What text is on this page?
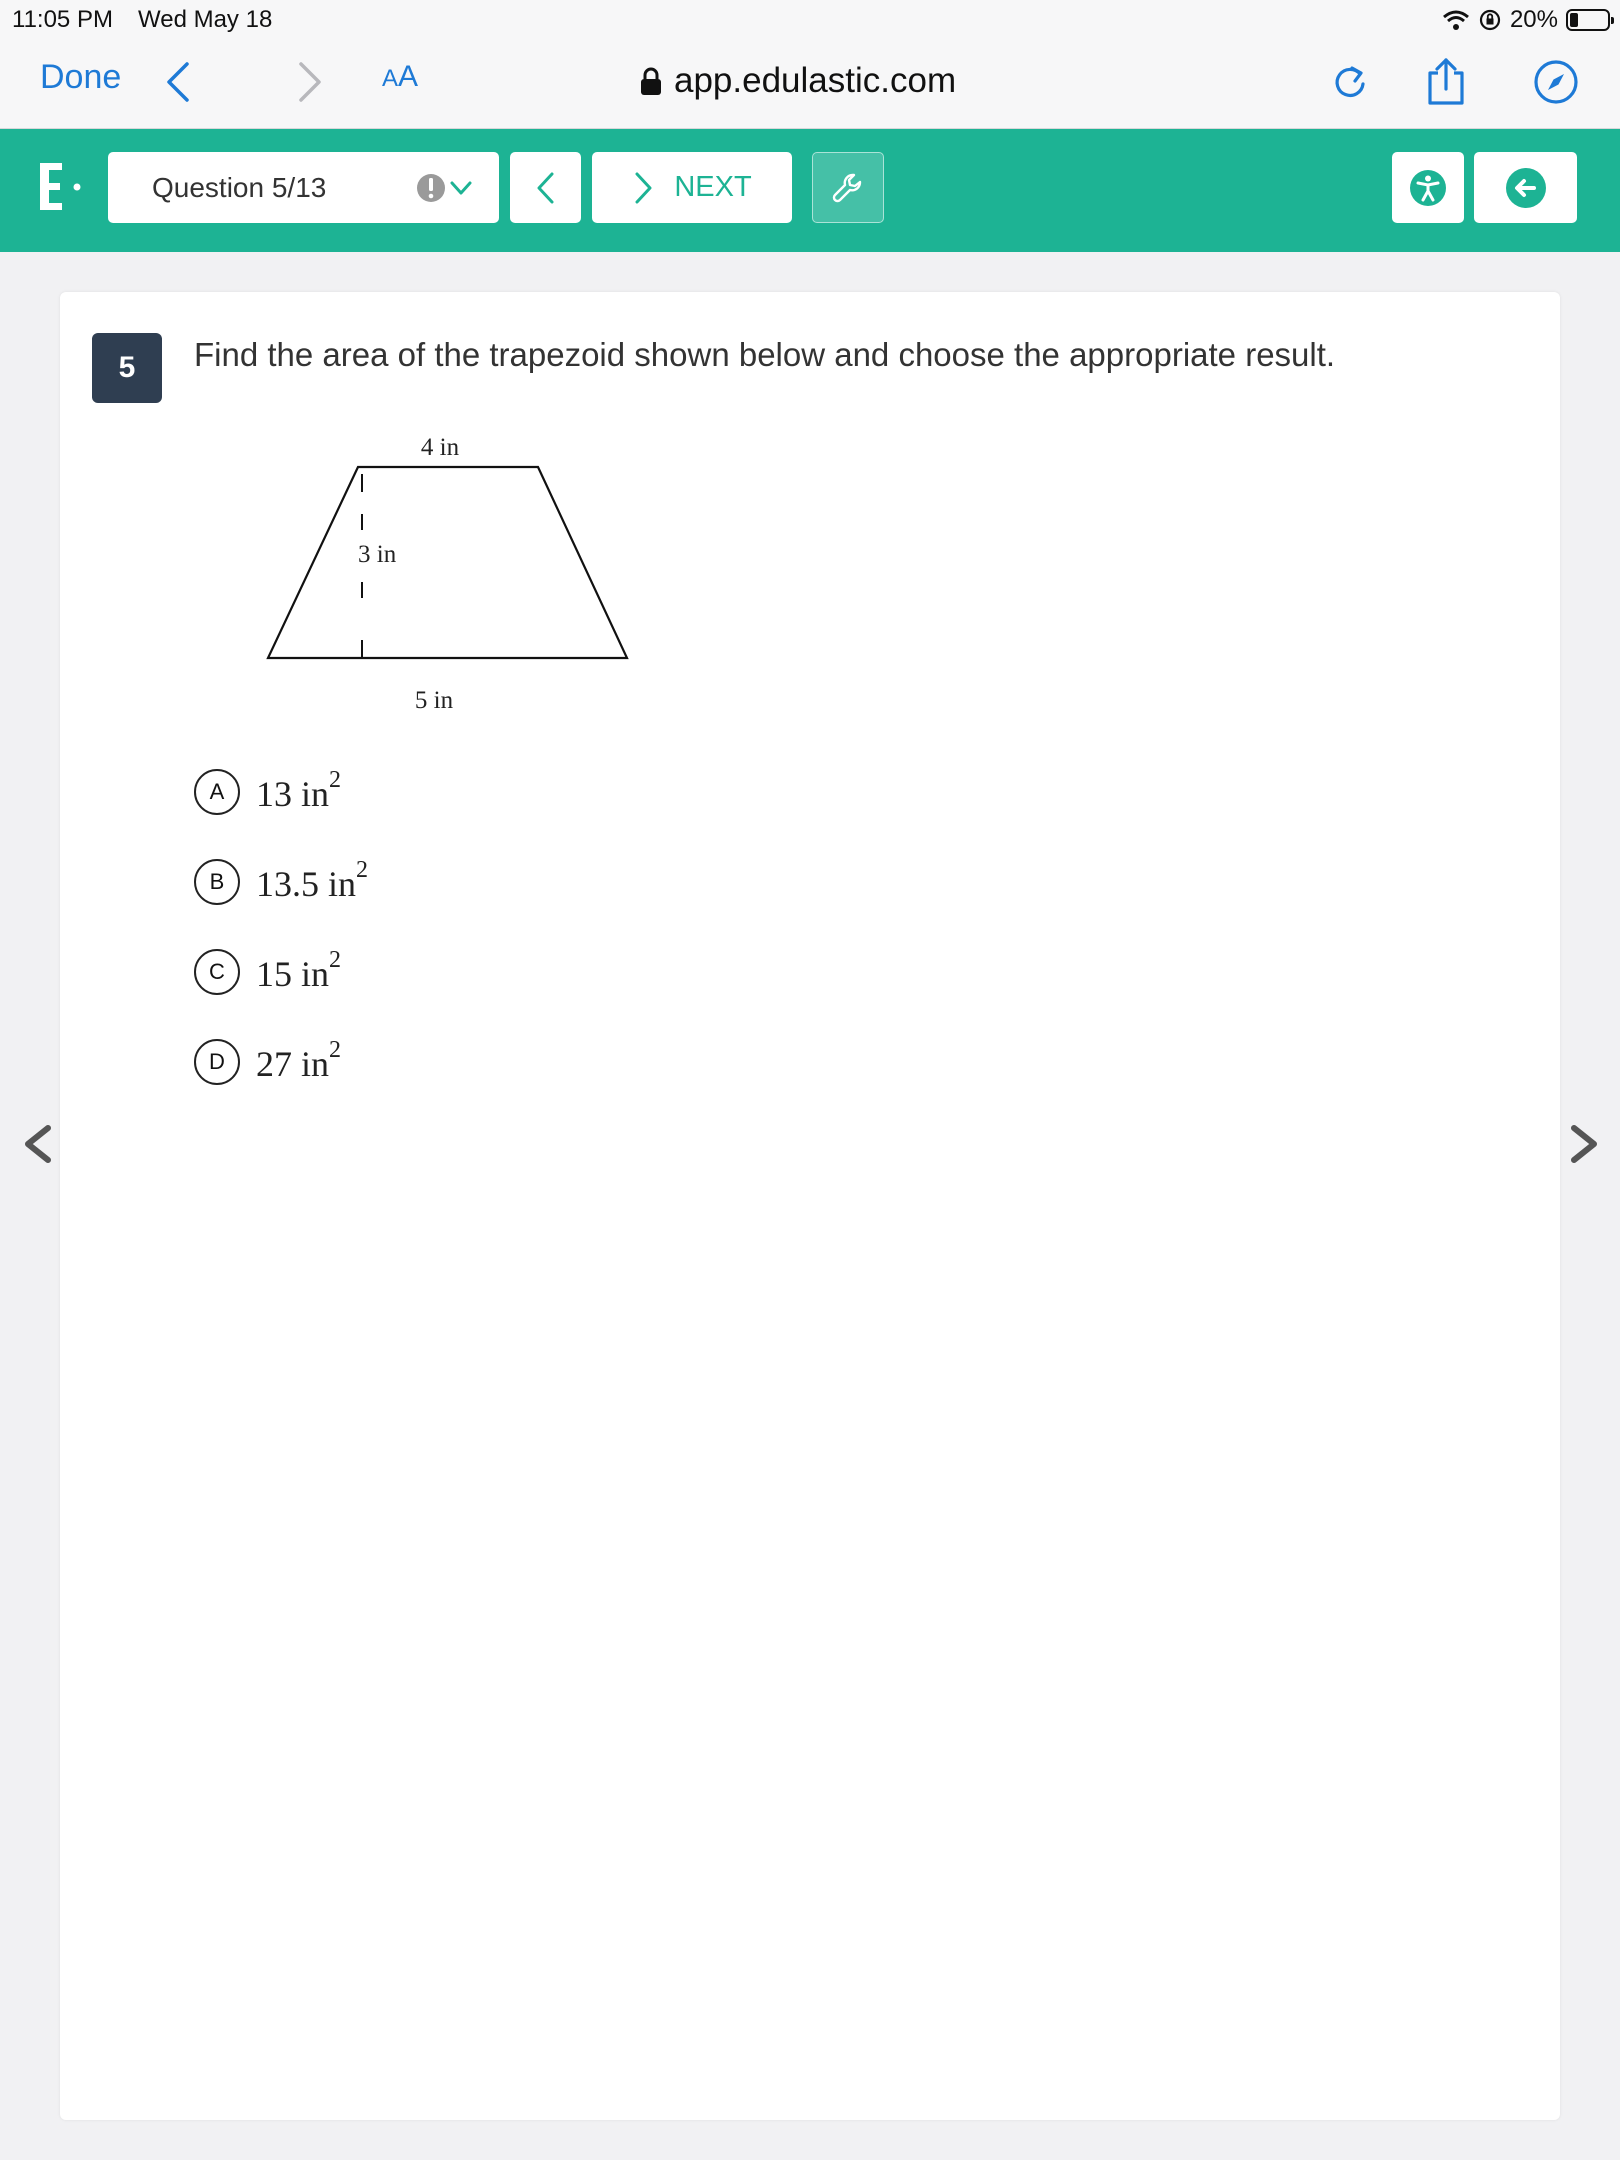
11:05 PM Wed May 18	20%
Done	AA	app.edulastic.com
Question 5/13	NEXT
5	Find the area of the trapezoid shown below and choose the appropriate result.
4 in
3 in
5 in
A 13 $in^2$
B 13.5 $in^2$
C 15 $in^2$
D 27 $in^2$
